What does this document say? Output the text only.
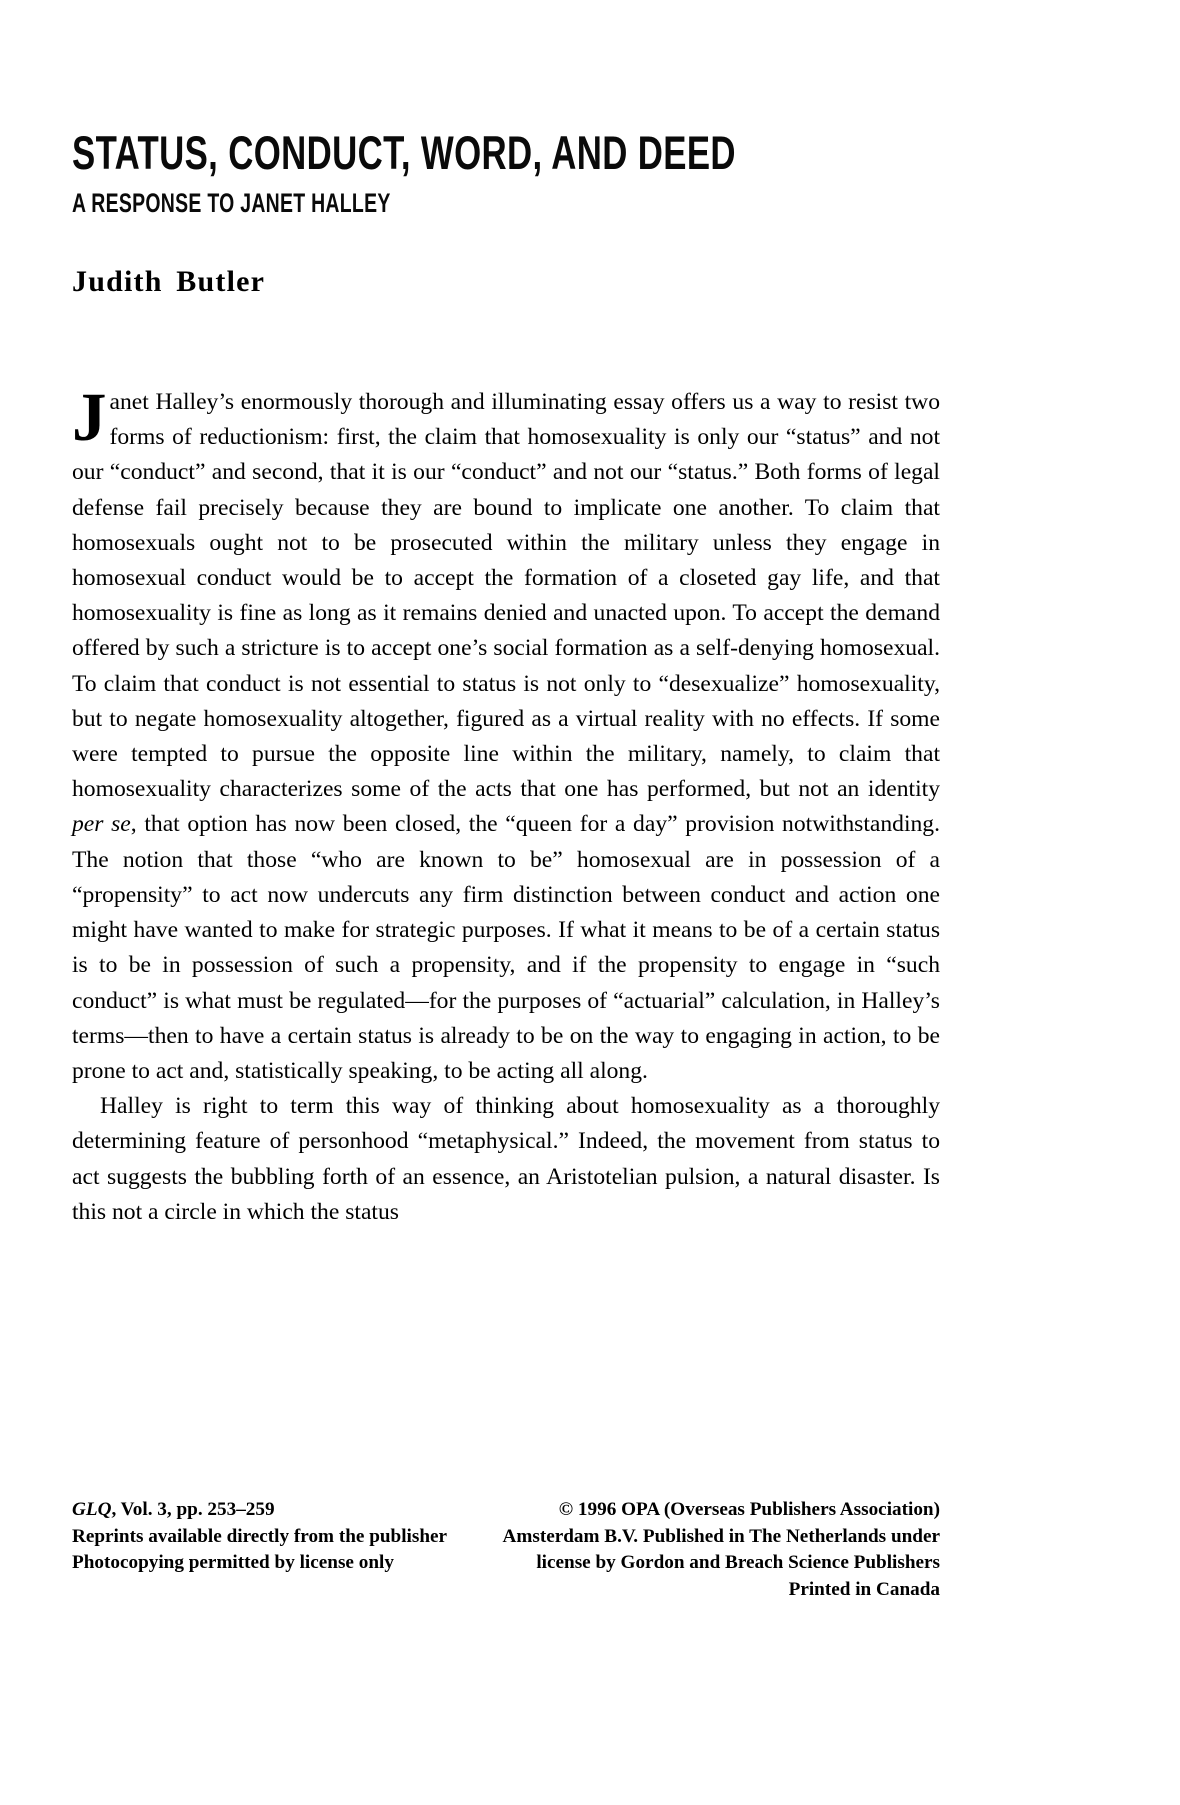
STATUS, CONDUCT, WORD, AND DEED
A RESPONSE TO JANET HALLEY
Judith Butler

Janet Halley’s enormously thorough and illuminating essay offers us a way to resist two forms of reductionism: first, the claim that homosexuality is only our “status” and not our “conduct” and second, that it is our “conduct” and not our “status.” Both forms of legal defense fail precisely because they are bound to implicate one another. To claim that homosexuals ought not to be prosecuted within the military unless they engage in homosexual conduct would be to accept the formation of a closeted gay life, and that homosexuality is fine as long as it remains denied and unacted upon. To accept the demand offered by such a stricture is to accept one’s social formation as a self-denying homosexual. To claim that conduct is not essential to status is not only to “desexualize” homosexuality, but to negate homosexuality altogether, figured as a virtual reality with no effects. If some were tempted to pursue the opposite line within the military, namely, to claim that homosexuality characterizes some of the acts that one has performed, but not an identity per se, that option has now been closed, the “queen for a day” provision notwithstanding. The notion that those “who are known to be” homosexual are in possession of a “propensity” to act now undercuts any firm distinction between conduct and action one might have wanted to make for strategic purposes. If what it means to be of a certain status is to be in possession of such a propensity, and if the propensity to engage in “such conduct” is what must be regulated—for the purposes of “actuarial” calculation, in Halley’s terms—then to have a certain status is already to be on the way to engaging in action, to be prone to act and, statistically speaking, to be acting all along.

Halley is right to term this way of thinking about homosexuality as a thoroughly determining feature of personhood “metaphysical.” Indeed, the movement from status to act suggests the bubbling forth of an essence, an Aristotelian pulsion, a natural disaster. Is this not a circle in which the status

GLQ, Vol. 3, pp. 253–259
Reprints available directly from the publisher
Photocopying permitted by license only
© 1996 OPA (Overseas Publishers Association)
Amsterdam B.V. Published in The Netherlands under
license by Gordon and Breach Science Publishers
Printed in Canada
